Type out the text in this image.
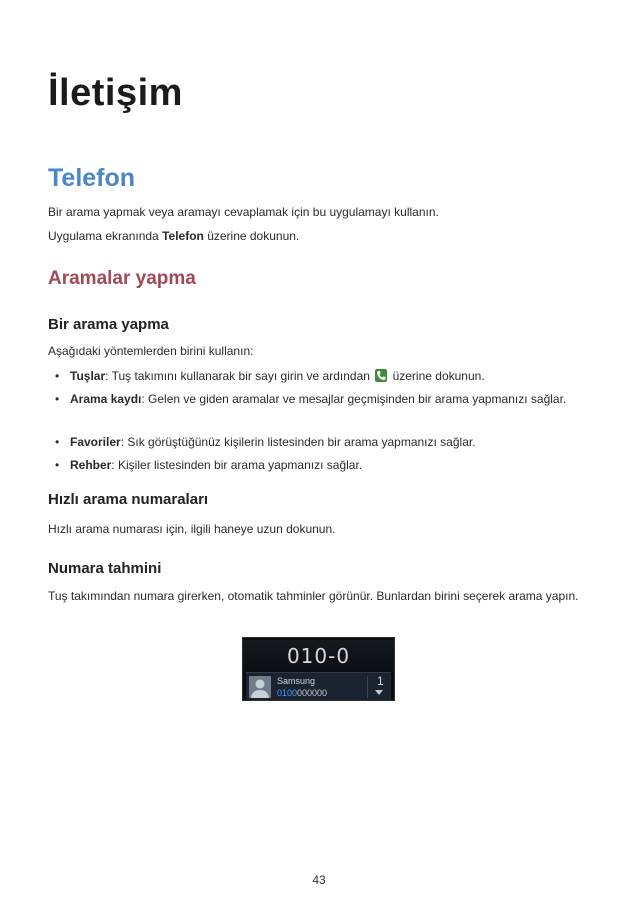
İletişim
Telefon
Bir arama yapmak veya aramayı cevaplamak için bu uygulamayı kullanın.
Uygulama ekranında Telefon üzerine dokunun.
Aramalar yapma
Bir arama yapma
Aşağıdaki yöntemlerden birini kullanın:
• Tuşlar: Tuş takımını kullanarak bir sayı girin ve ardından
üzerine dokunun.
• Arama kaydı: Gelen ve giden aramalar ve mesajlar geçmişinden bir arama yapmanızı sağlar.
• Favoriler: Sık görüştüğünüz kişilerin listesinden bir arama yapmanızı sağlar.
• Rehber: Kişiler listesinden bir arama yapmanızı sağlar.
Hızlı arama numaraları
Hızlı arama numarası için, ilgili haneye uzun dokunun.
Numara tahmini
Tuş takımından numara girerken, otomatik tahminler görünür. Bunlardan birini seçerek arama yapın.
010-0
Samsung
0100000000
1
43
